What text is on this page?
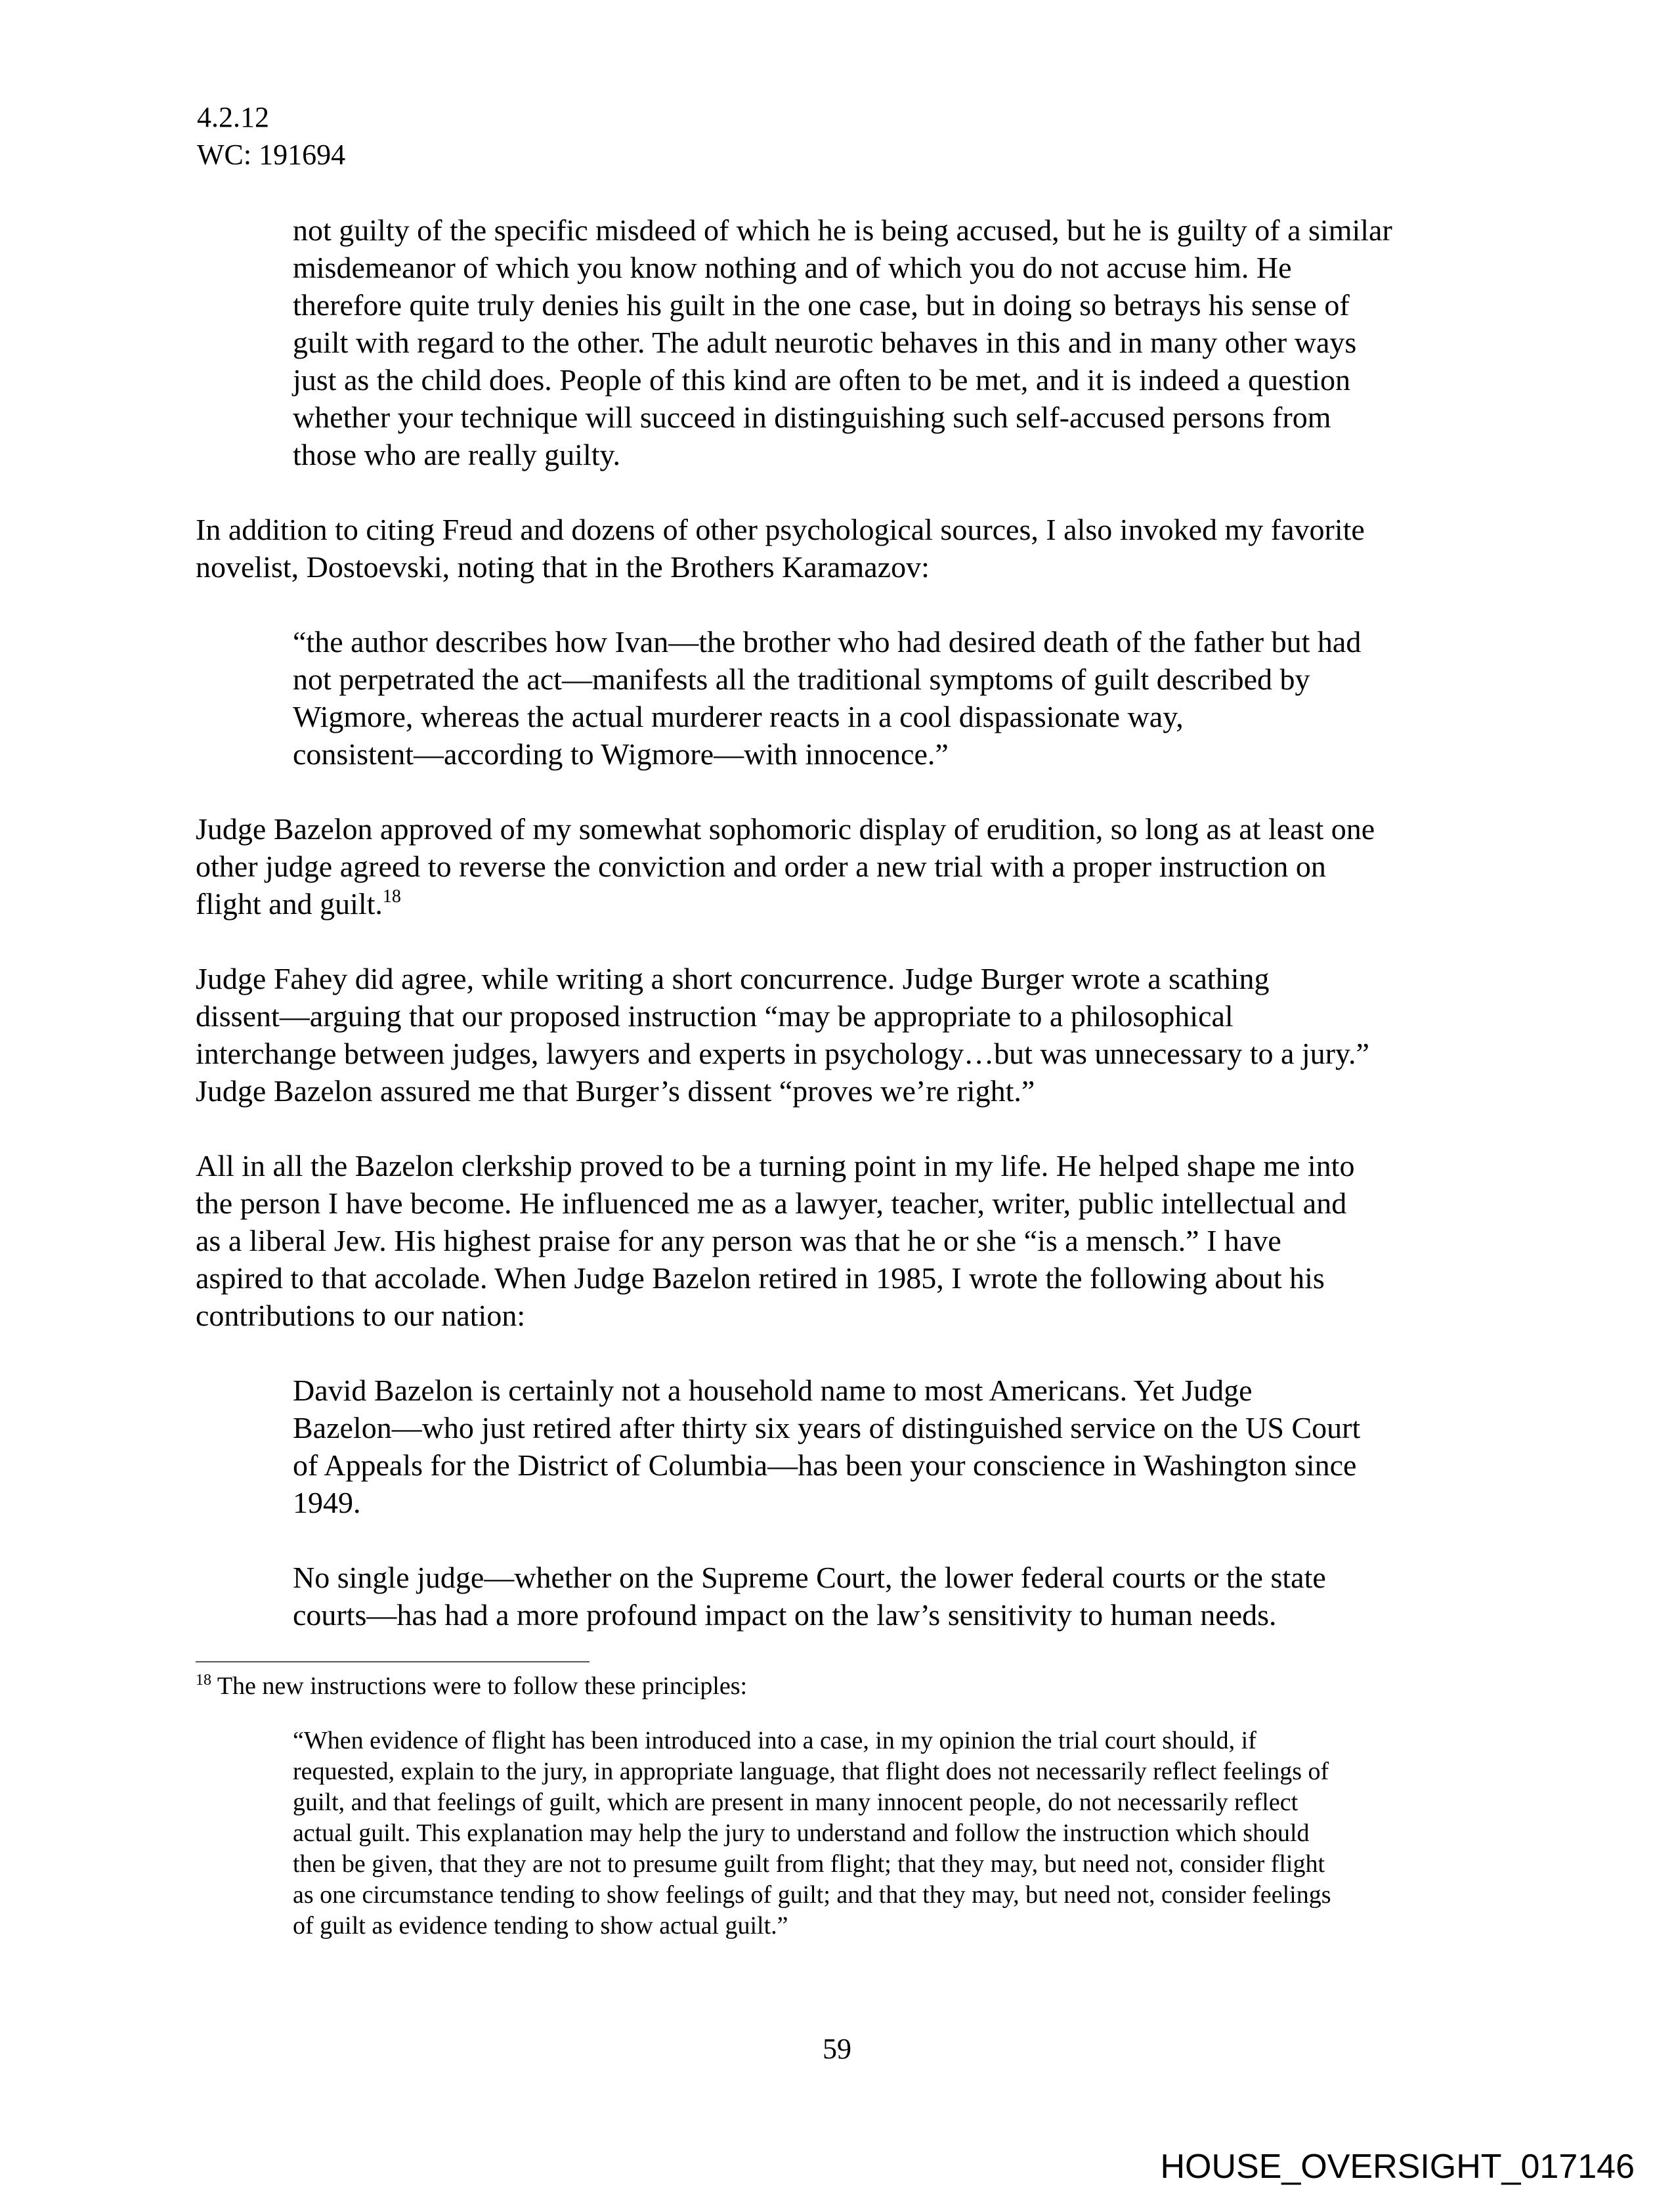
4.2.12
WC: 191694
not guilty of the specific misdeed of which he is being accused, but he is guilty of a similar
misdemeanor of which you know nothing and of which you do not accuse him. He
therefore quite truly denies his guilt in the one case, but in doing so betrays his sense of
guilt with regard to the other. The adult neurotic behaves in this and in many other ways
just as the child does. People of this kind are often to be met, and it is indeed a question
whether your technique will succeed in distinguishing such self-accused persons from
those who are really guilty.
In addition to citing Freud and dozens of other psychological sources, I also invoked my favorite
novelist, Dostoevski, noting that in the Brothers Karamazov:
“the author describes how Ivan—the brother who had desired death of the father but had
not perpetrated the act—manifests all the traditional symptoms of guilt described by
Wigmore, whereas the actual murderer reacts in a cool dispassionate way,
consistent—according to Wigmore—with innocence.”
Judge Bazelon approved of my somewhat sophomoric display of erudition, so long as at least one
other judge agreed to reverse the conviction and order a new trial with a proper instruction on
flight and guilt.$^{18}$
Judge Fahey did agree, while writing a short concurrence. Judge Burger wrote a scathing
dissent—arguing that our proposed instruction “may be appropriate to a philosophical
interchange between judges, lawyers and experts in psychology…but was unnecessary to a jury.”
Judge Bazelon assured me that Burger’s dissent “proves we’re right.”
All in all the Bazelon clerkship proved to be a turning point in my life. He helped shape me into
the person I have become. He influenced me as a lawyer, teacher, writer, public intellectual and
as a liberal Jew. His highest praise for any person was that he or she “is a mensch.” I have
aspired to that accolade. When Judge Bazelon retired in 1985, I wrote the following about his
contributions to our nation:
David Bazelon is certainly not a household name to most Americans. Yet Judge
Bazelon—who just retired after thirty six years of distinguished service on the US Court
of Appeals for the District of Columbia—has been your conscience in Washington since
1949.
No single judge—whether on the Supreme Court, the lower federal courts or the state
courts—has had a more profound impact on the law’s sensitivity to human needs.
$^{18}$ The new instructions were to follow these principles:
“When evidence of flight has been introduced into a case, in my opinion the trial court should, if
requested, explain to the jury, in appropriate language, that flight does not necessarily reflect feelings of
guilt, and that feelings of guilt, which are present in many innocent people, do not necessarily reflect
actual guilt. This explanation may help the jury to understand and follow the instruction which should
then be given, that they are not to presume guilt from flight; that they may, but need not, consider flight
as one circumstance tending to show feelings of guilt; and that they may, but need not, consider feelings
of guilt as evidence tending to show actual guilt.”
59
HOUSE_OVERSIGHT_017146
